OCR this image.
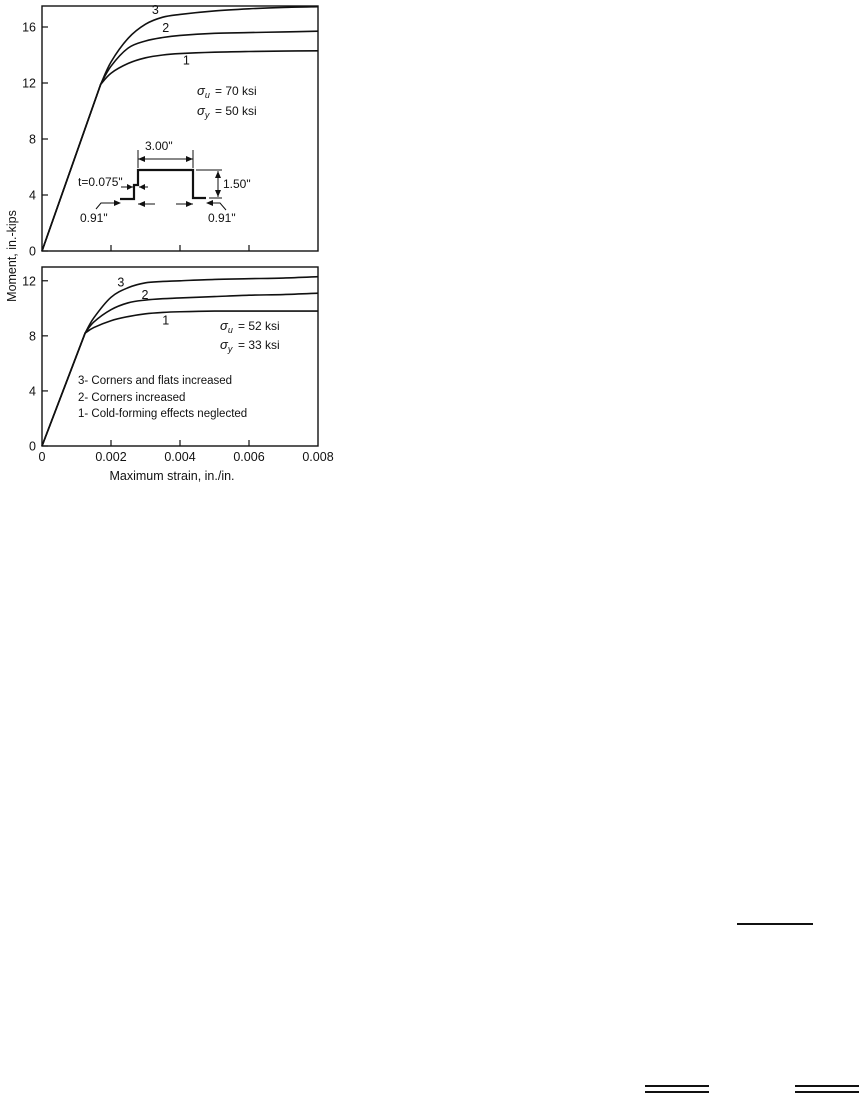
0
4
8
12
16
3
2
1
$\sigma_u = 70$ ksi
$\sigma_y = 50$ ksi
3.00"
1.50"
t=0.075"
0.91"	0.91"
0
4
8
12
0	0.002	0.004	0.006	0.008
3
2
1	$\sigma_u = 52$ ksi
$\sigma_y = 33$ ksi
3- Corners and flats increased
2- Corners increased
1- Cold-forming effects neglected
Maximum strain, in./in.
Moment, in.-kips
